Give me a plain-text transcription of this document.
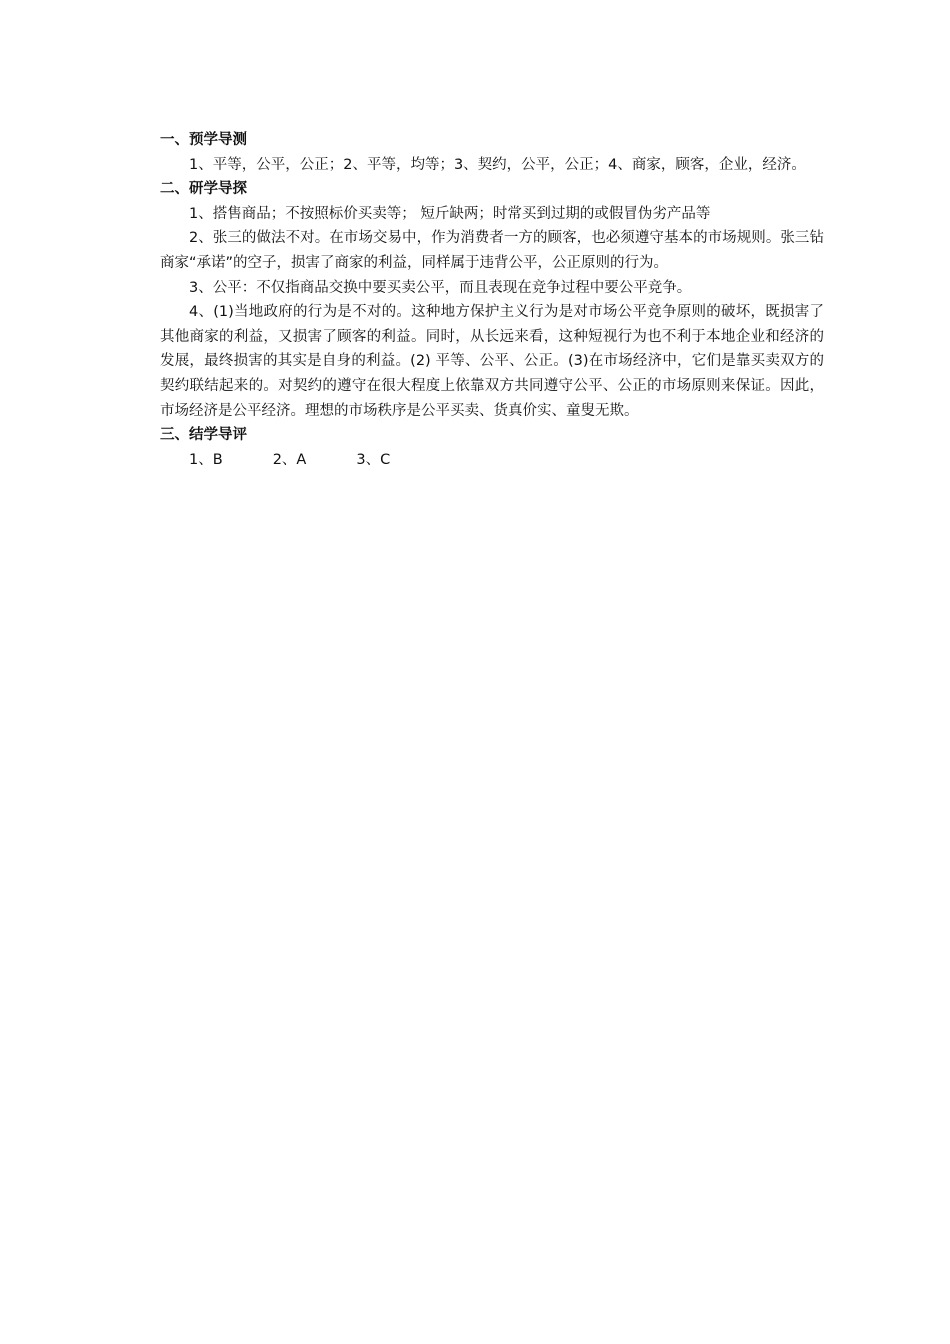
一、预学导测

1、平等，公平，公正；2、平等，均等；3、契约，公平，公正；4、商家，顾客，企业，经济。

二、研学导探

1、搭售商品；不按照标价买卖等； 短斤缺两；时常买到过期的或假冒伪劣产品等

2、张三的做法不对。在市场交易中，作为消费者一方的顾客，也必须遵守基本的市场规则。张三钻商家“承诺”的空子，损害了商家的利益，同样属于违背公平，公正原则的行为。

3、公平：不仅指商品交换中要买卖公平，而且表现在竞争过程中要公平竞争。

4、(1)当地政府的行为是不对的。这种地方保护主义行为是对市场公平竞争原则的破坏，既损害了其他商家的利益，又损害了顾客的利益。同时，从长远来看，这种短视行为也不利于本地企业和经济的发展，最终损害的其实是自身的利益。(2) 平等、公平、公正。(3)在市场经济中，它们是靠买卖双方的契约联结起来的。对契约的遵守在很大程度上依靠双方共同遵守公平、公正的市场原则来保证。因此，市场经济是公平经济。理想的市场秩序是公平买卖、货真价实、童叟无欺。

三、结学导评

1、B	2、A	3、C
